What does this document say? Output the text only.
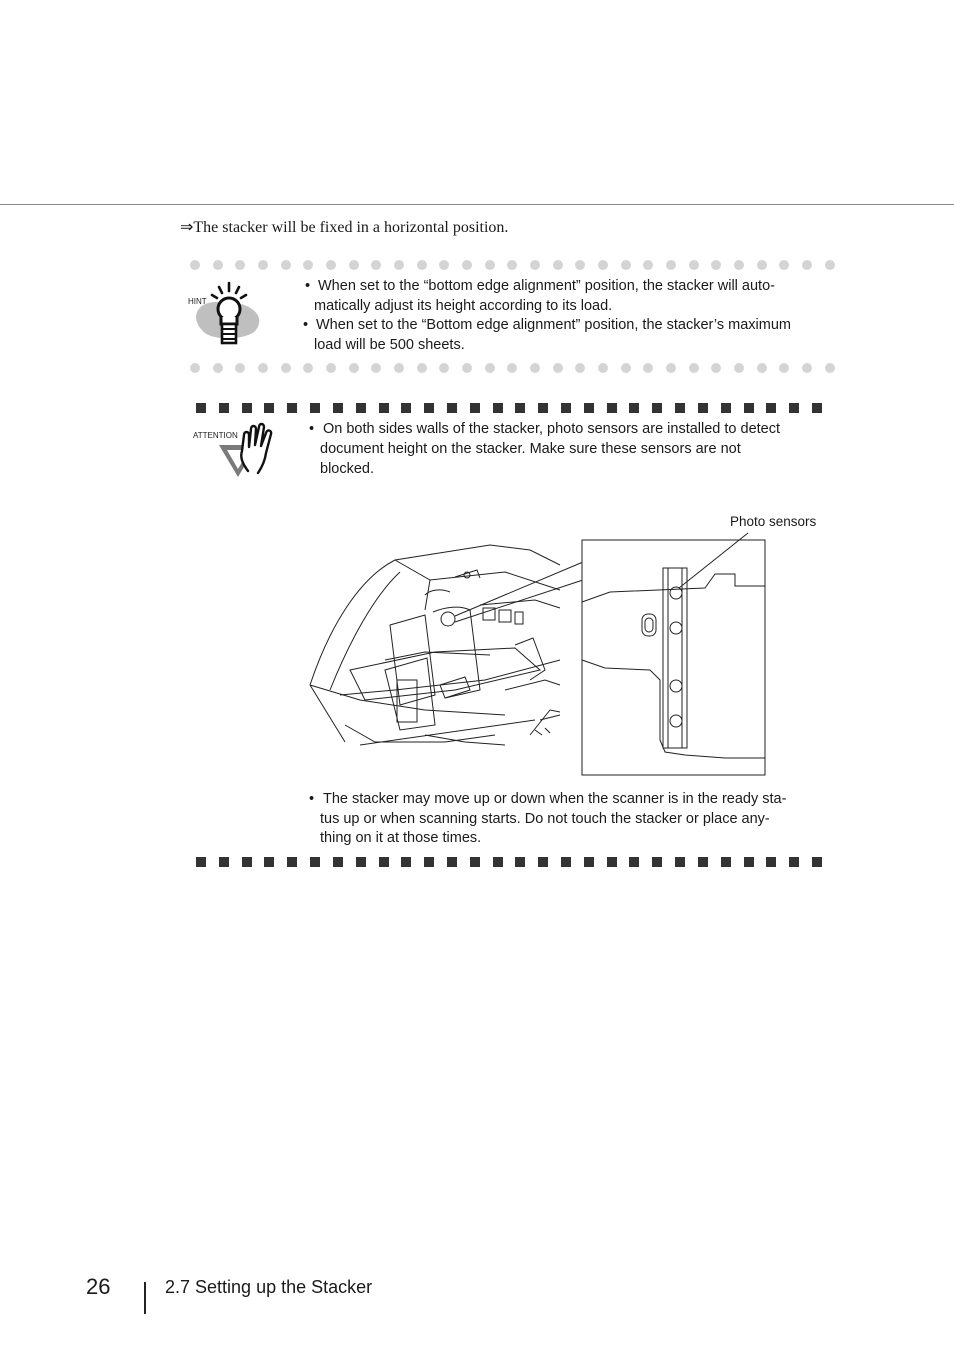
⇒The stacker will be fixed in a horizontal position.
HINT
• When set to the “bottom edge alignment” position, the stacker will auto-
matically adjust its height according to its load.
• When set to the “Bottom edge alignment” position, the stacker’s maximum
load will be 500 sheets.
ATTENTION	• On both sides walls of the stacker, photo sensors are installed to detect
document height on the stacker. Make sure these sensors are not
blocked.
Photo sensors
• The stacker may move up or down when the scanner is in the ready sta-
tus up or when scanning starts. Do not touch the stacker or place any-
thing on it at those times.
26	2.7 Setting up the Stacker
